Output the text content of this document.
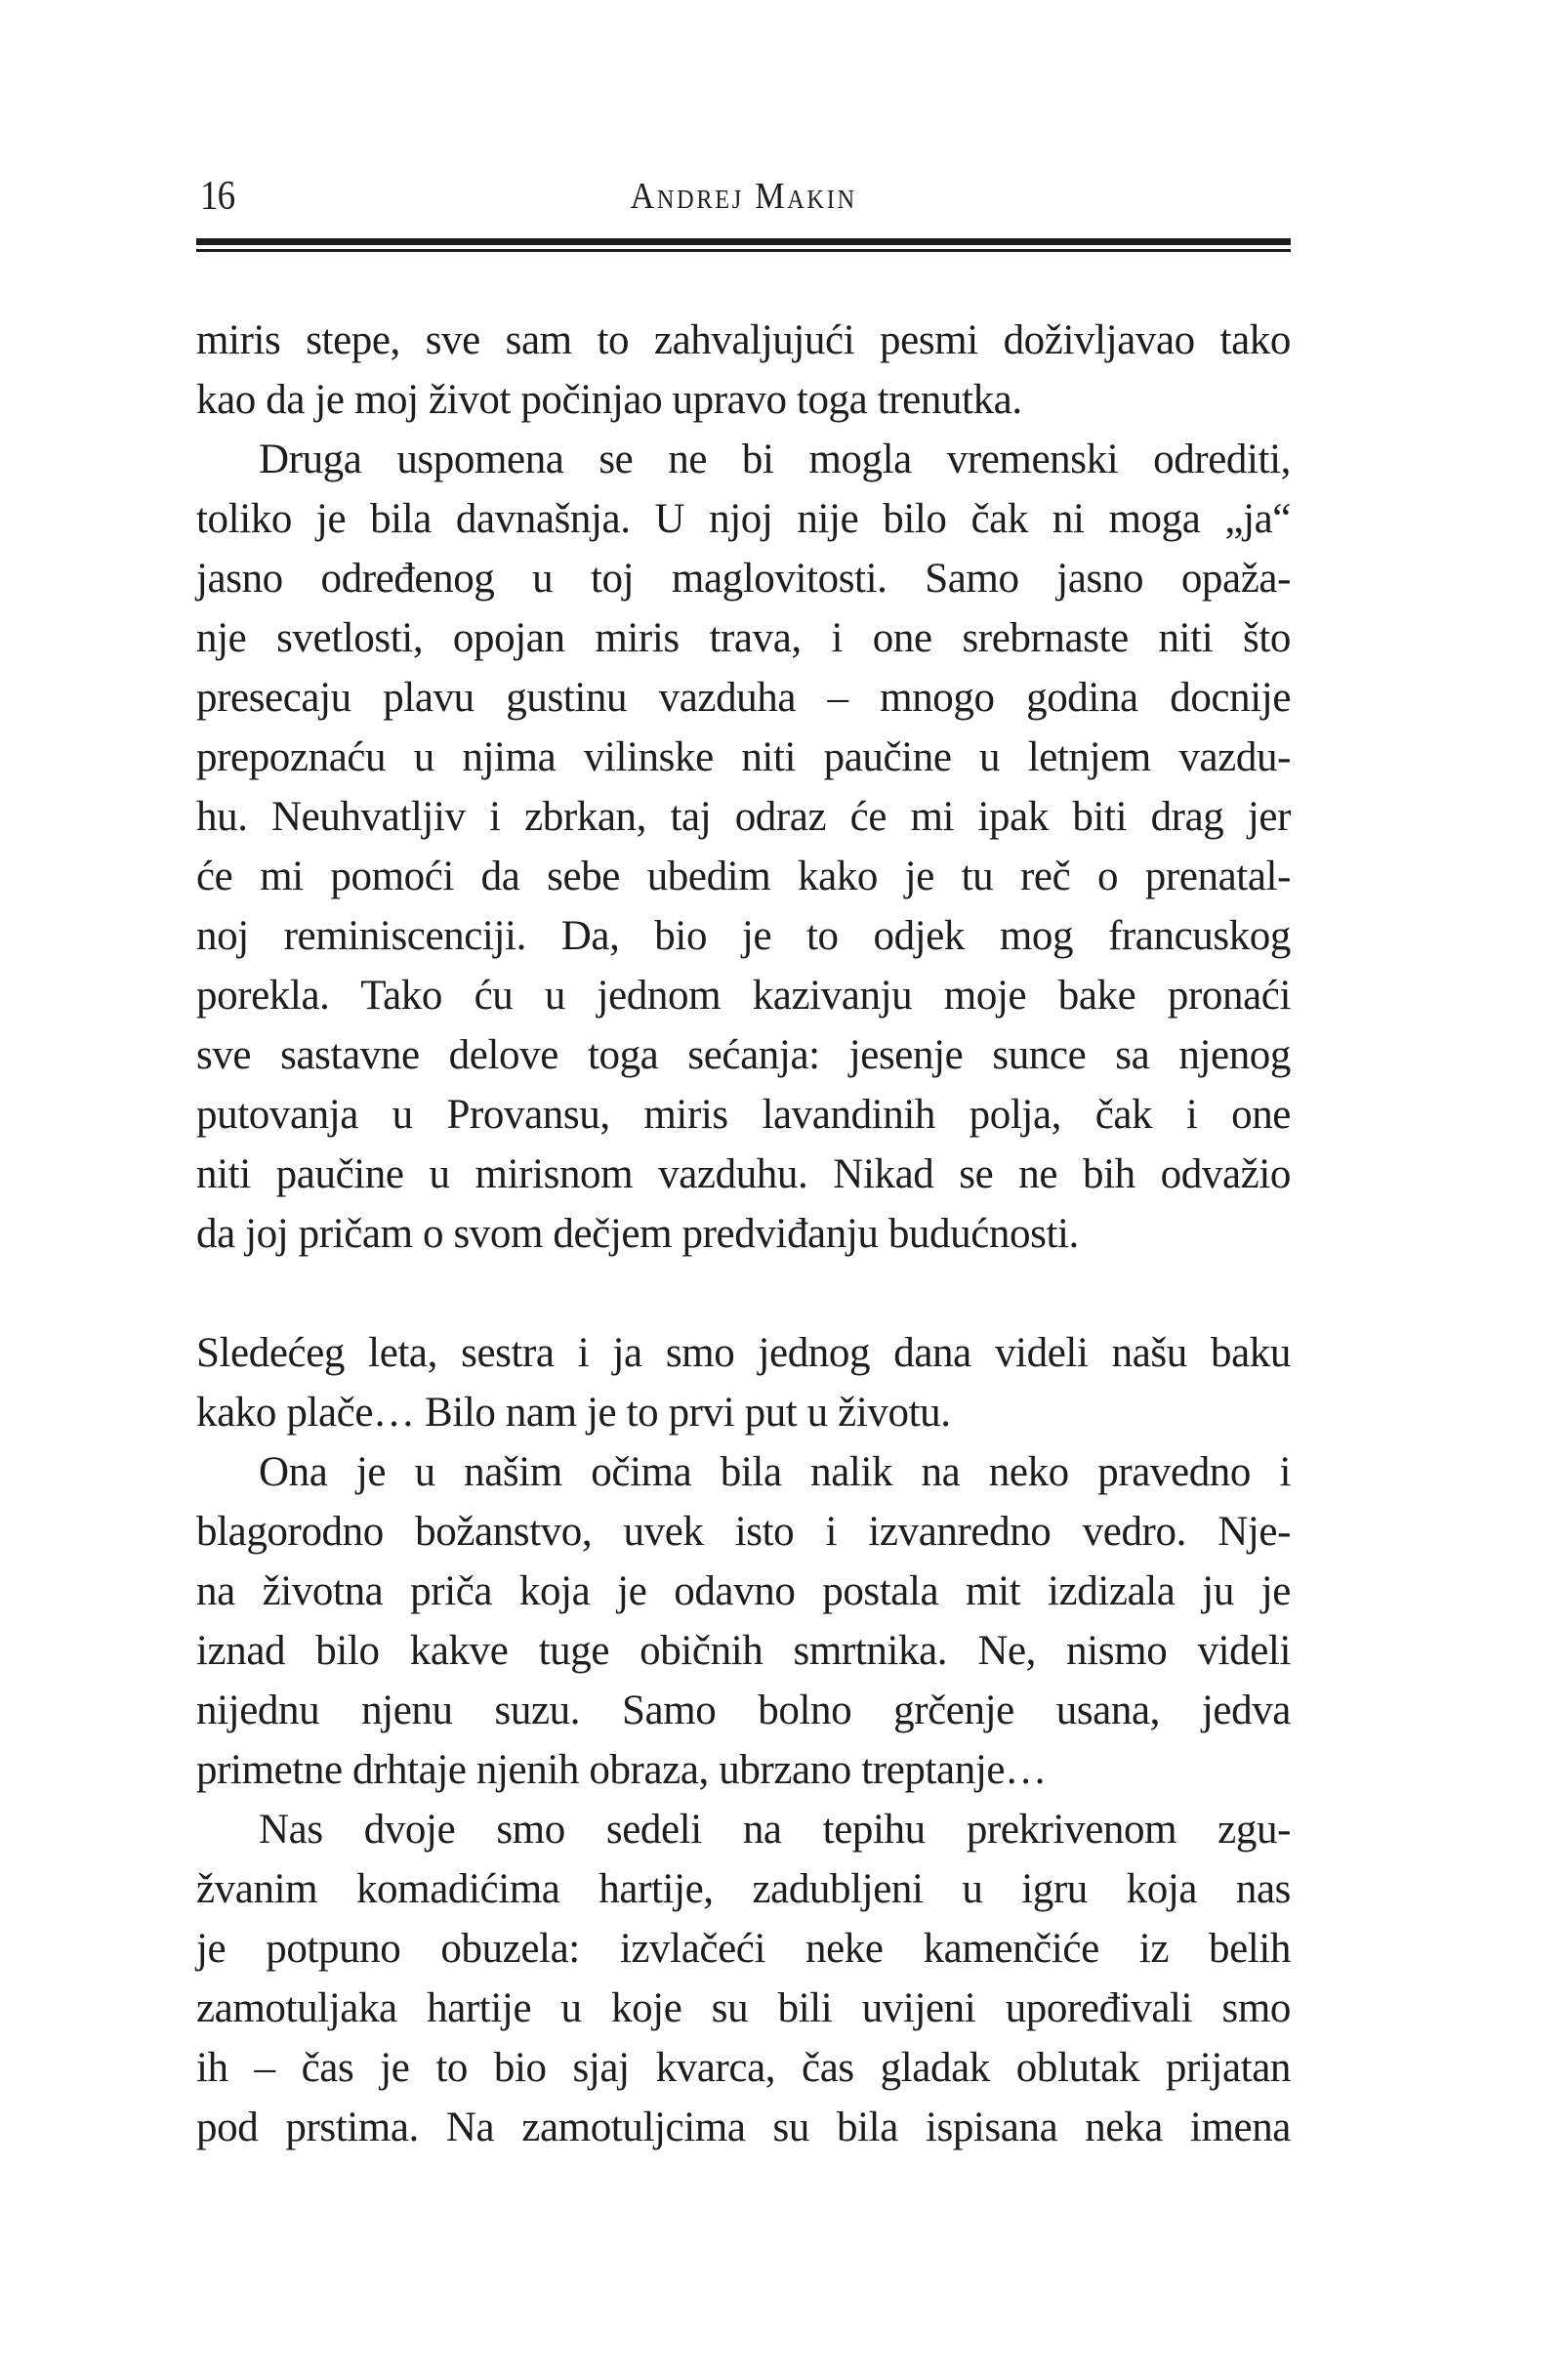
16	Andrej Makin
miris stepe, sve sam to zahvaljujući pesmi doživljavao tako
kao da je moj život počinjao upravo toga trenutka.
Druga uspomena se ne bi mogla vremenski odrediti,
toliko je bila davnašnja. U njoj nije bilo čak ni moga „ja“
jasno određenog u toj maglovitosti. Samo jasno opaža-
nje svetlosti, opojan miris trava, i one srebrnaste niti što
presecaju plavu gustinu vazduha – mnogo godina docnije
prepoznaću u njima vilinske niti paučine u letnjem vazdu-
hu. Neuhvatljiv i zbrkan, taj odraz će mi ipak biti drag jer
će mi pomoći da sebe ubedim kako je tu reč o prenatal-
noj reminiscenciji. Da, bio je to odjek mog francuskog
porekla. Tako ću u jednom kazivanju moje bake pronaći
sve sastavne delove toga sećanja: jesenje sunce sa njenog
putovanja u Provansu, miris lavandinih polja, čak i one
niti paučine u mirisnom vazduhu. Nikad se ne bih odvažio
da joj pričam o svom dečjem predviđanju budućnosti.
Sledećeg leta, sestra i ja smo jednog dana videli našu baku
kako plače… Bilo nam je to prvi put u životu.
Ona je u našim očima bila nalik na neko pravedno i
blagorodno božanstvo, uvek isto i izvanredno vedro. Nje-
na životna priča koja je odavno postala mit izdizala ju je
iznad bilo kakve tuge običnih smrtnika. Ne, nismo videli
nijednu njenu suzu. Samo bolno grčenje usana, jedva
primetne drhtaje njenih obraza, ubrzano treptanje…
Nas dvoje smo sedeli na tepihu prekrivenom zgu-
žvanim komadićima hartije, zadubljeni u igru koja nas
je potpuno obuzela: izvlačeći neke kamenčiće iz belih
zamotuljaka hartije u koje su bili uvijeni upoređivali smo
ih – čas je to bio sjaj kvarca, čas gladak oblutak prijatan
pod prstima. Na zamotuljcima su bila ispisana neka imena
